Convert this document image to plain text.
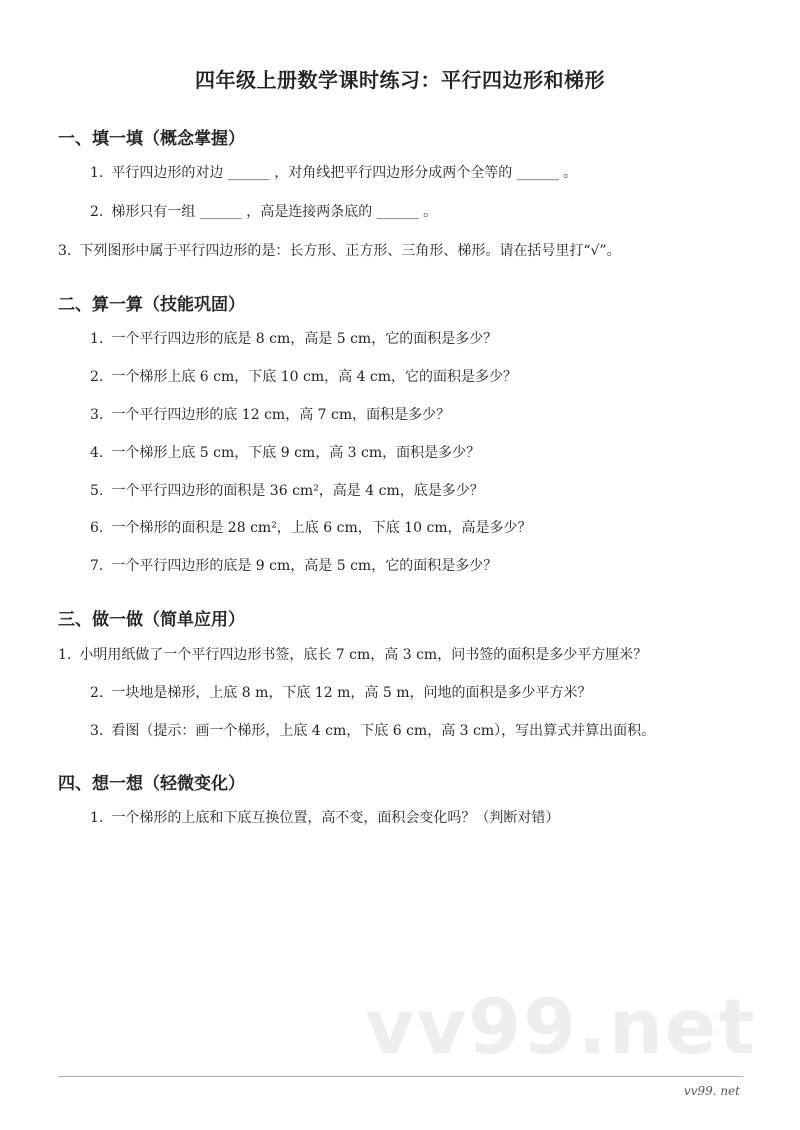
四年级上册数学课时练习：平行四边形和梯形
一、填一填（概念掌握）
1. 平行四边形的对边 ______ ，对角线把平行四边形分成两个全等的 ______ 。
2. 梯形只有一组 ______ ，高是连接两条底的 ______ 。
3. 下列图形中属于平行四边形的是：长方形、正方形、三角形、梯形。请在括号里打“√”。
二、算一算（技能巩固）
1. 一个平行四边形的底是 8 cm，高是 5 cm，它的面积是多少？
2. 一个梯形上底 6 cm，下底 10 cm，高 4 cm，它的面积是多少？
3. 一个平行四边形的底 12 cm，高 7 cm，面积是多少？
4. 一个梯形上底 5 cm，下底 9 cm，高 3 cm，面积是多少？
5. 一个平行四边形的面积是 36 cm²，高是 4 cm，底是多少？
6. 一个梯形的面积是 28 cm²，上底 6 cm，下底 10 cm，高是多少？
7. 一个平行四边形的底是 9 cm，高是 5 cm，它的面积是多少？
三、做一做（简单应用）
1. 小明用纸做了一个平行四边形书签，底长 7 cm，高 3 cm，问书签的面积是多少平方厘米？
2. 一块地是梯形，上底 8 m，下底 12 m，高 5 m，问地的面积是多少平方米？
3. 看图（提示：画一个梯形，上底 4 cm，下底 6 cm，高 3 cm），写出算式并算出面积。
四、想一想（轻微变化）
1. 一个梯形的上底和下底互换位置，高不变，面积会变化吗？（判断对错）
vv99.net
vv99. net
